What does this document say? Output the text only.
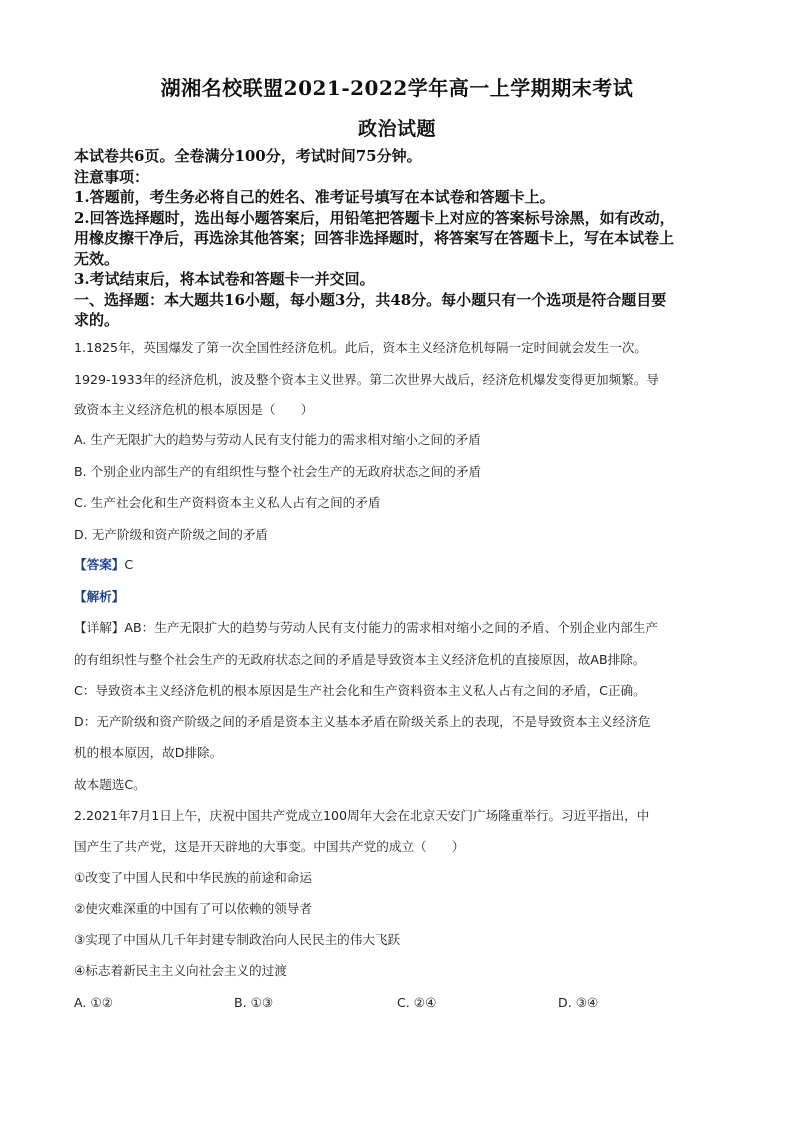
湖湘名校联盟2021-2022学年高一上学期期末考试
政治试题
本试卷共6页。全卷满分100分，考试时间75分钟。
注意事项：
1.答题前，考生务必将自己的姓名、准考证号填写在本试卷和答题卡上。
2.回答选择题时，选出每小题答案后，用铅笔把答题卡上对应的答案标号涂黑，如有改动，
用橡皮擦干净后，再选涂其他答案；回答非选择题时，将答案写在答题卡上，写在本试卷上
无效。
3.考试结束后，将本试卷和答题卡一并交回。
一、选择题：本大题共16小题，每小题3分，共48分。每小题只有一个选项是符合题目要
求的。
1.1825年，英国爆发了第一次全国性经济危机。此后，资本主义经济危机每隔一定时间就会发生一次。
1929-1933年的经济危机，波及整个资本主义世界。第二次世界大战后，经济危机爆发变得更加频繁。导
致资本主义经济危机的根本原因是（　　）
A. 生产无限扩大的趋势与劳动人民有支付能力的需求相对缩小之间的矛盾
B. 个别企业内部生产的有组织性与整个社会生产的无政府状态之间的矛盾
C. 生产社会化和生产资料资本主义私人占有之间的矛盾
D. 无产阶级和资产阶级之间的矛盾
【答案】C
【解析】
【详解】AB：生产无限扩大的趋势与劳动人民有支付能力的需求相对缩小之间的矛盾、个别企业内部生产
的有组织性与整个社会生产的无政府状态之间的矛盾是导致资本主义经济危机的直接原因，故AB排除。
C：导致资本主义经济危机的根本原因是生产社会化和生产资料资本主义私人占有之间的矛盾，C正确。
D：无产阶级和资产阶级之间的矛盾是资本主义基本矛盾在阶级关系上的表现，不是导致资本主义经济危
机的根本原因，故D排除。
故本题选C。
2.2021年7月1日上午，庆祝中国共产党成立100周年大会在北京天安门广场隆重举行。习近平指出，中
国产生了共产党，这是开天辟地的大事变。中国共产党的成立（　　）
①改变了中国人民和中华民族的前途和命运
②使灾难深重的中国有了可以依赖的领导者
③实现了中国从几千年封建专制政治向人民民主的伟大飞跃
④标志着新民主主义向社会主义的过渡
A. ①②	B. ①③	C. ②④	D. ③④
